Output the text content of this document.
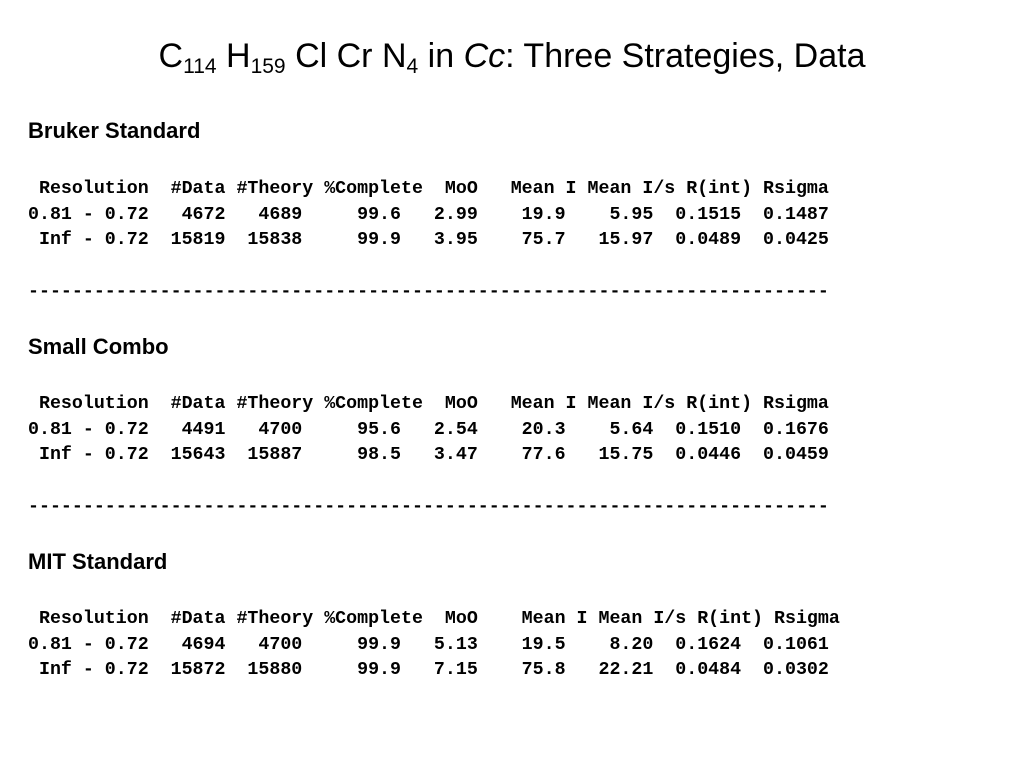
$C_{114}$ $H_{159}$ Cl Cr $N_4$ in Cc: Three Strategies, Data
Bruker Standard
Resolution  #Data #Theory %Complete  MoO   Mean I Mean I/s R(int) Rsigma
0.81 - 0.72   4672   4689     99.6   2.99    19.9    5.95  0.1515  0.1487
Inf - 0.72  15819  15838     99.9   3.95    75.7   15.97  0.0489  0.0425
-------------------------------------------------------------------------
Small Combo
Resolution  #Data #Theory %Complete  MoO   Mean I Mean I/s R(int) Rsigma
0.81 - 0.72   4491   4700     95.6   2.54    20.3    5.64  0.1510  0.1676
Inf - 0.72  15643  15887     98.5   3.47    77.6   15.75  0.0446  0.0459
-------------------------------------------------------------------------
MIT Standard
Resolution  #Data #Theory %Complete  MoO    Mean I Mean I/s R(int) Rsigma
0.81 - 0.72   4694   4700     99.9   5.13    19.5    8.20  0.1624  0.1061
Inf - 0.72  15872  15880     99.9   7.15    75.8   22.21  0.0484  0.0302
